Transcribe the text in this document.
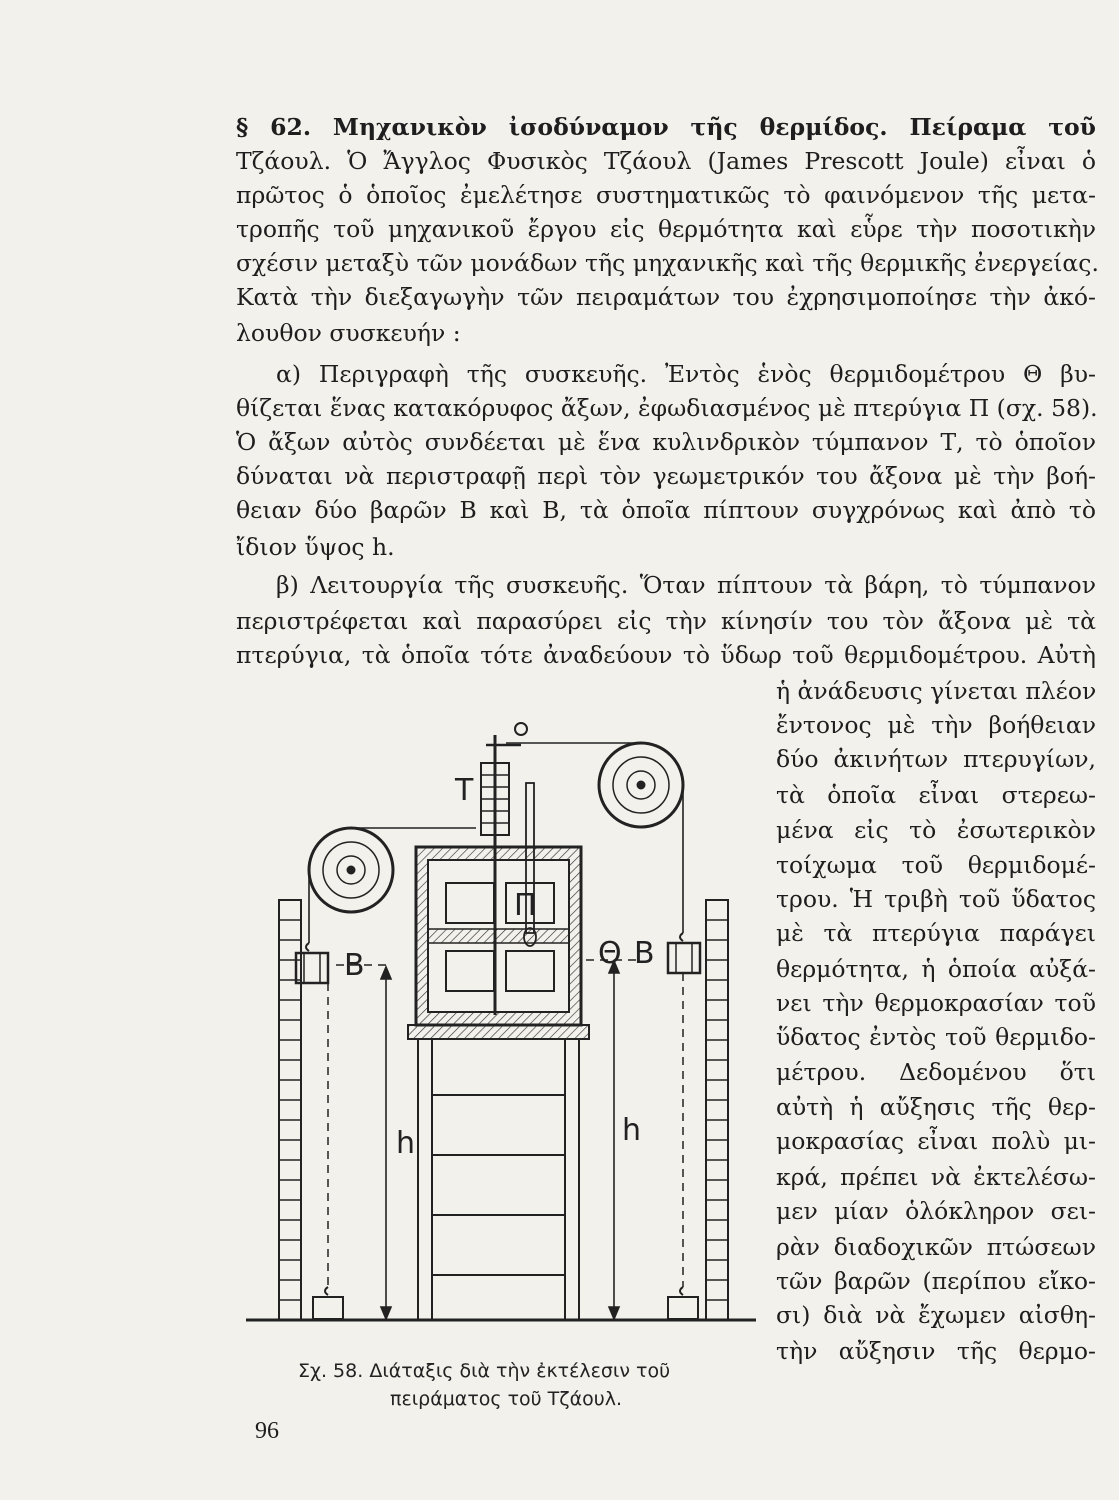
§ 62. Μηχανικὸν ἰσοδύναμον τῆς θερμίδος. Πείραμα τοῦ
Τζάουλ. Ὁ Ἄγγλος Φυσικὸς Τζάουλ (James Prescott Joule) εἶναι ὁ
πρῶτος ὁ ὁποῖος ἐμελέτησε συστηματικῶς τὸ φαινόμενον τῆς μετα-
τροπῆς τοῦ μηχανικοῦ ἔργου εἰς θερμότητα καὶ εὗρε τὴν ποσοτικὴν
σχέσιν μεταξὺ τῶν μονάδων τῆς μηχανικῆς καὶ τῆς θερμικῆς ἐνεργείας.
Κατὰ τὴν διεξαγωγὴν τῶν πειραμάτων του ἐχρησιμοποίησε τὴν ἀκό-
λουθον συσκευήν :
α) Περιγραφὴ τῆς συσκευῆς. Ἐντὸς ἑνὸς θερμιδομέτρου Θ βυ-
θίζεται ἕνας κατακόρυφος ἄξων, ἐφωδιασμένος μὲ πτερύγια Π (σχ. 58).
Ὁ ἄξων αὐτὸς συνδέεται μὲ ἕνα κυλινδρικὸν τύμπανον Τ, τὸ ὁποῖον
δύναται νὰ περιστραφῇ περὶ τὸν γεωμετρικόν του ἄξονα μὲ τὴν βοή-
θειαν δύο βαρῶν Β καὶ Β, τὰ ὁποῖα πίπτουν συγχρόνως καὶ ἀπὸ τὸ
ἴδιον ὕψος h.
β) Λειτουργία τῆς συσκευῆς. Ὅταν πίπτουν τὰ βάρη, τὸ τύμπανον
περιστρέφεται καὶ παρασύρει εἰς τὴν κίνησίν του τὸν ἄξονα μὲ τὰ
πτερύγια, τὰ ὁποῖα τότε ἀναδεύουν τὸ ὕδωρ τοῦ θερμιδομέτρου. Αὐτὴ
ἡ ἀνάδευσις γίνεται πλέον
ἔντονος μὲ τὴν βοήθειαν
δύο ἀκινήτων πτερυγίων,
τὰ ὁποῖα εἶναι στερεω-
μένα εἰς τὸ ἐσωτερικὸν
τοίχωμα τοῦ θερμιδομέ-
τρου. Ἡ τριβὴ τοῦ ὕδατος
μὲ τὰ πτερύγια παράγει
θερμότητα, ἡ ὁποία αὐξά-
νει τὴν θερμοκρασίαν τοῦ
ὕδατος ἐντὸς τοῦ θερμιδο-
μέτρου. Δεδομένου ὅτι
αὐτὴ ἡ αὔξησις τῆς θερ-
μοκρασίας εἶναι πολὺ μι-
κρά, πρέπει νὰ ἐκτελέσω-
μεν μίαν ὁλόκληρον σει-
ρὰν διαδοχικῶν πτώσεων
τῶν βαρῶν (περίπου εἴκο-
σι) διὰ νὰ ἔχωμεν αἰσθη-
τὴν αὔξησιν τῆς θερμο-
T
Π
Θ
B	B
h	h
Σχ. 58. Διάταξις διὰ τὴν ἐκτέλεσιν τοῦ
πειράματος τοῦ Τζάουλ.
96
